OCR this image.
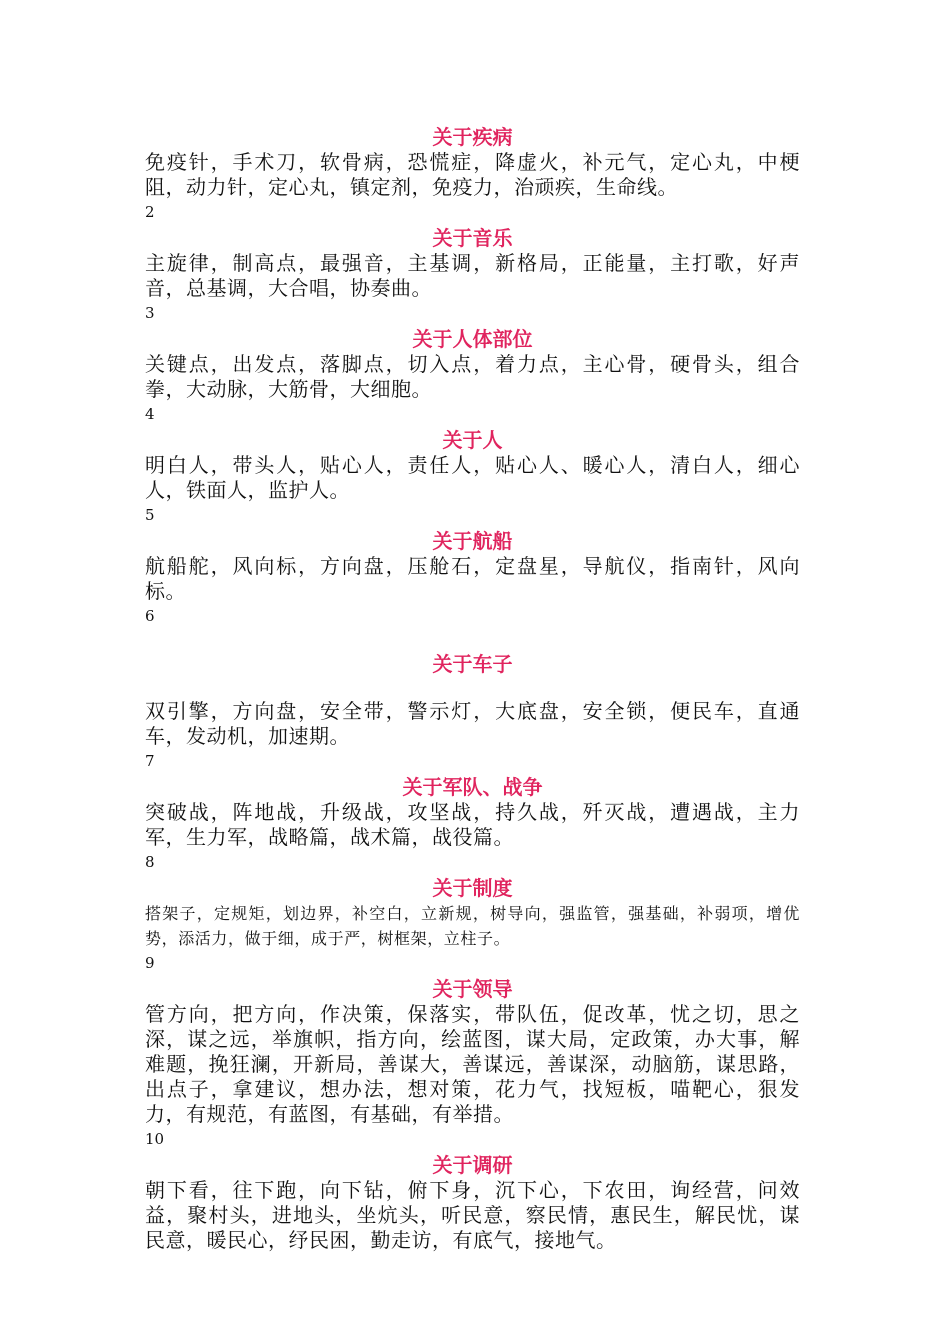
关于疾病

免疫针，手术刀，软骨病，恐慌症，降虚火，补元气，定心丸，中梗阻，动力针，定心丸，镇定剂，免疫力，治顽疾，生命线。

2

关于音乐

主旋律，制高点，最强音，主基调，新格局，正能量，主打歌，好声音，总基调，大合唱，协奏曲。

3

关于人体部位

关键点，出发点，落脚点，切入点，着力点，主心骨，硬骨头，组合拳，大动脉，大筋骨，大细胞。

4

关于人

明白人，带头人，贴心人，责任人，贴心人、暖心人，清白人，细心人，铁面人，监护人。

5

关于航船

航船舵，风向标，方向盘，压舱石，定盘星，导航仪，指南针，风向标。

6

关于车子

双引擎，方向盘，安全带，警示灯，大底盘，安全锁，便民车，直通车，发动机，加速期。

7

关于军队、战争

突破战，阵地战，升级战，攻坚战，持久战，歼灭战，遭遇战，主力军，生力军，战略篇，战术篇，战役篇。

8

关于制度

搭架子，定规矩，划边界，补空白，立新规，树导向，强监管，强基础，补弱项，增优势，添活力，做于细，成于严，树框架，立柱子。

9

关于领导

管方向，把方向，作决策，保落实，带队伍，促改革，忧之切，思之深，谋之远，举旗帜，指方向，绘蓝图，谋大局，定政策，办大事，解难题，挽狂澜，开新局，善谋大，善谋远，善谋深，动脑筋，谋思路，出点子，拿建议，想办法，想对策，花力气，找短板，喵靶心，狠发力，有规范，有蓝图，有基础，有举措。

10

关于调研

朝下看，往下跑，向下钻，俯下身，沉下心，下农田，询经营，问效益，聚村头，进地头，坐炕头，听民意，察民情，惠民生，解民忧，谋民意，暖民心，纾民困，勤走访，有底气，接地气。
